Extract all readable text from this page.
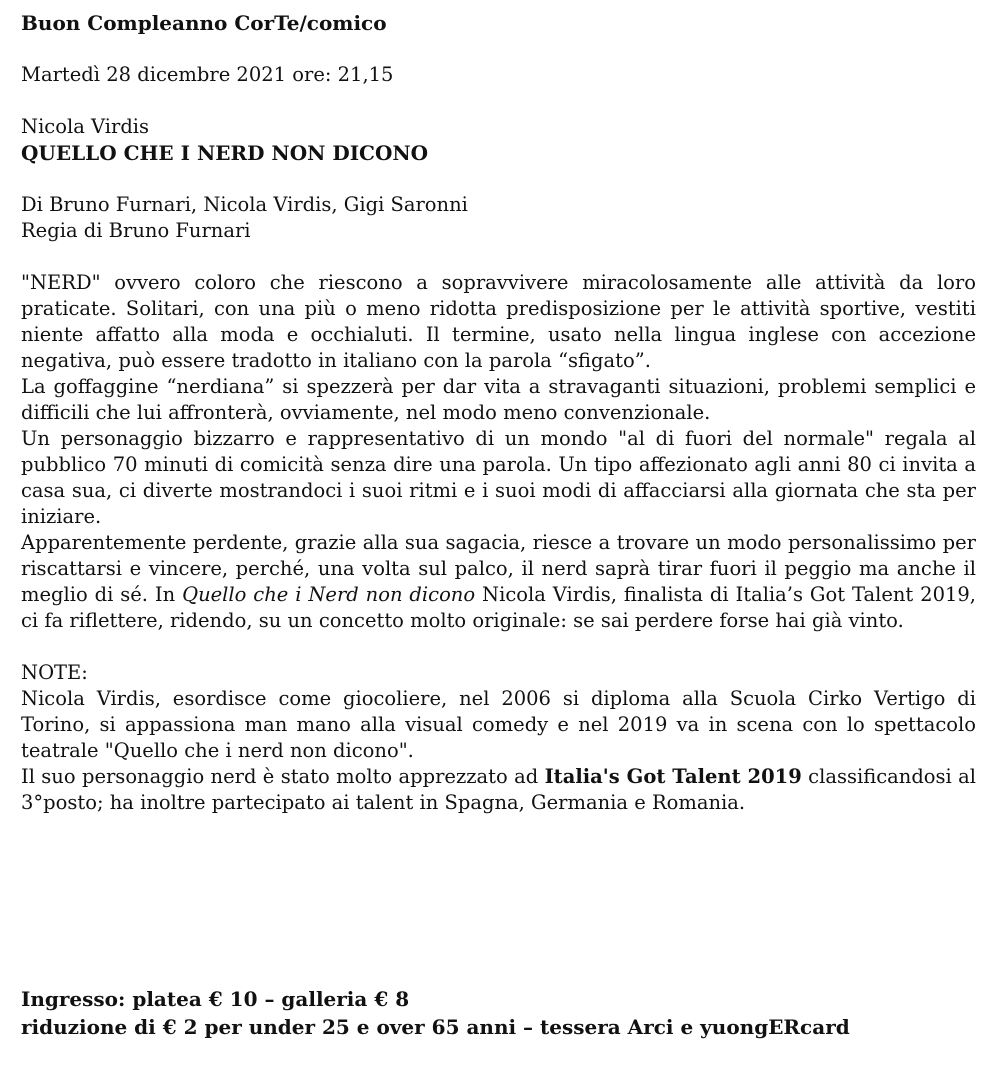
Buon Compleanno CorTe/comico

Martedì 28 dicembre 2021 ore: 21,15

Nicola Virdis

QUELLO CHE I NERD NON DICONO

Di Bruno Furnari, Nicola Virdis, Gigi Saronni

Regia di Bruno Furnari

"NERD" ovvero coloro che riescono a sopravvivere miracolosamente alle attività da loro praticate. Solitari, con una più o meno ridotta predisposizione per le attività sportive, vestiti niente affatto alla moda e occhialuti. Il termine, usato nella lingua inglese con accezione negativa, può essere tradotto in italiano con la parola “sfigato”.

La goffaggine “nerdiana” si spezzerà per dar vita a stravaganti situazioni, problemi semplici e difficili che lui affronterà, ovviamente, nel modo meno convenzionale.

Un personaggio bizzarro e rappresentativo di un mondo "al di fuori del normale" regala al pubblico 70 minuti di comicità senza dire una parola. Un tipo affezionato agli anni 80 ci invita a casa sua, ci diverte mostrandoci i suoi ritmi e i suoi modi di affacciarsi alla giornata che sta per iniziare.

Apparentemente perdente, grazie alla sua sagacia, riesce a trovare un modo personalissimo per riscattarsi e vincere, perché, una volta sul palco, il nerd saprà tirar fuori il peggio ma anche il meglio di sé. In Quello che i Nerd non dicono Nicola Virdis, finalista di Italia’s Got Talent 2019, ci fa riflettere, ridendo, su un concetto molto originale: se sai perdere forse hai già vinto.

NOTE:

Nicola Virdis, esordisce come giocoliere, nel 2006 si diploma alla Scuola Cirko Vertigo di Torino, si appassiona man mano alla visual comedy e nel 2019 va in scena con lo spettacolo teatrale "Quello che i nerd non dicono".

Il suo personaggio nerd è stato molto apprezzato ad Italia's Got Talent 2019 classificandosi al 3°posto; ha inoltre partecipato ai talent in Spagna, Germania e Romania.

Ingresso: platea € 10 – galleria € 8

riduzione di € 2 per under 25 e over 65 anni – tessera Arci e yuongERcard
